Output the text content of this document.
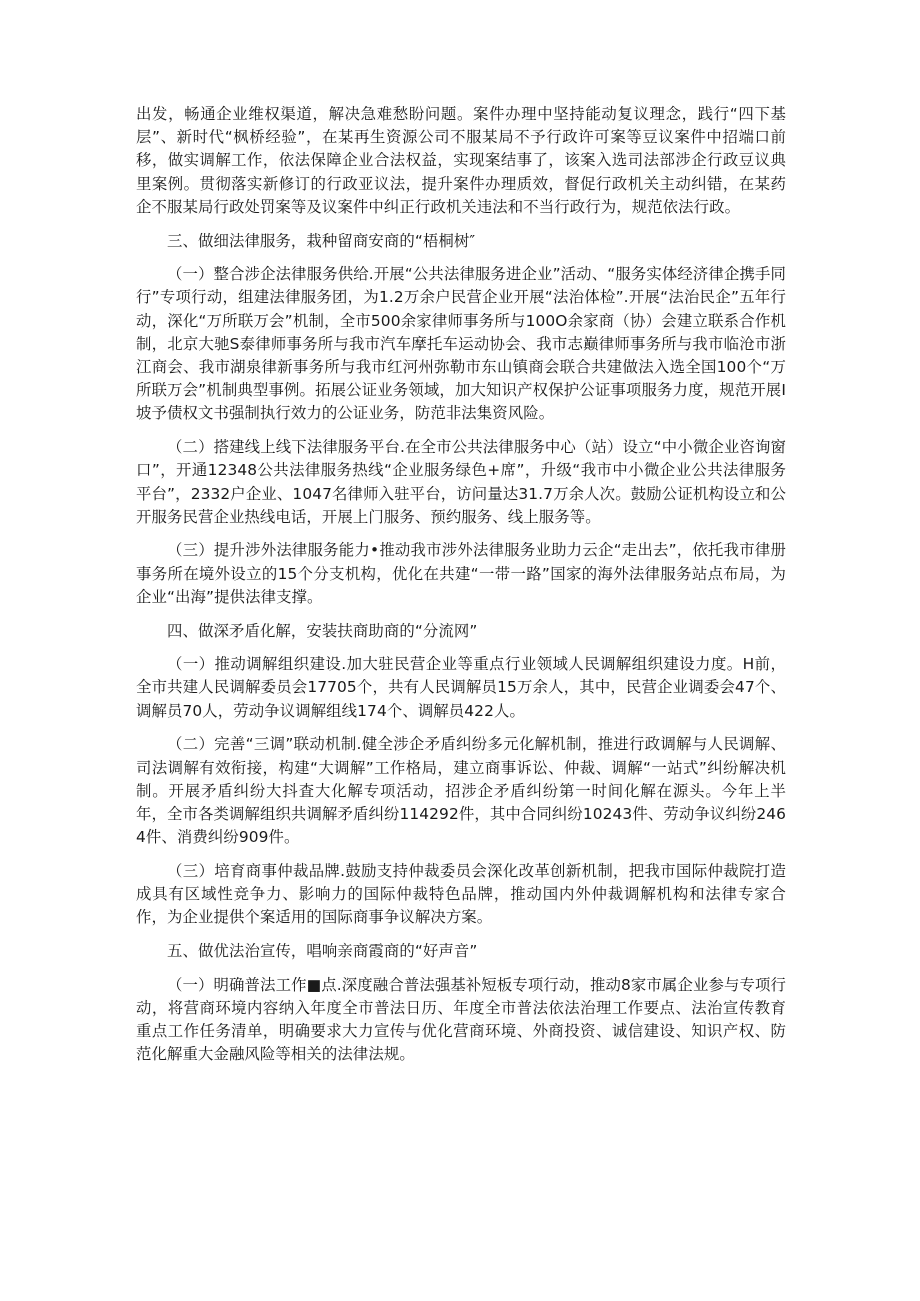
出发，畅通企业维权渠道，解决急难愁盼问题。案件办理中坚持能动复议理念，践行“四下基层”、新时代“枫桥经验”，在某再生资源公司不服某局不予行政许可案等豆议案件中招端口前移，做实调解工作，依法保障企业合法权益，实现案结事了，该案入选司法部涉企行政豆议典里案例。贯彻落实新修订的行政亚议法，提升案件办理质效，督促行政机关主动纠错，在某药企不服某局行政处罚案等及议案件中纠正行政机关违法和不当行政行为，规范依法行政。

三、做细法律服务，栽种留商安商的“梧桐树″

（一）整合涉企法律服务供给.开展“公共法律服务进企业”活动、“服务实体经济律企携手同行”专项行动，组建法律服务团，为1.2万余户民营企业开展“法治体检”.开展“法治民企”五年行动，深化“万所联万会”机制，全市500余家律师事务所与100O余家商（协）会建立联系合作机制，北京大驰S泰律师事务所与我市汽车摩托车运动协会、我市志巅律师事务所与我市临沧市浙江商会、我市湖泉律新事务所与我市红河州弥勒市东山镇商会联合共建做法入选全国100个“万所联万会”机制典型事例。拓展公证业务领域，加大知识产权保护公证事项服务力度，规范开展I坡予债权文书强制执行效力的公证业务，防范非法集资风险。

（二）搭建线上线下法律服务平台.在全市公共法律服务中心（站）设立“中小微企业咨询窗口”，开通12348公共法律服务热线“企业服务绿色+席”，升级“我市中小微企业公共法律服务平台”，2332户企业、1047名律师入驻平台，访问量达31.7万余人次。鼓励公证机构设立和公开服务民营企业热线电话，开展上门服务、预约服务、线上服务等。

（三）提升涉外法律服务能力•推动我市涉外法律服务业助力云企“走出去”，依托我市律册事务所在境外设立的15个分支机构，优化在共建“一带一路”国家的海外法律服务站点布局，为企业“出海”提供法律支撑。

四、做深矛盾化解，安装扶商助商的“分流网”

（一）推动调解组织建设.加大驻民营企业等重点行业领域人民调解组织建设力度。H前，全市共建人民调解委员会17705个，共有人民调解员15万余人，其中，民营企业调委会47个、调解员70人，劳动争议调解组线174个、调解员422人。

（二）完善“三调”联动机制.健全涉企矛盾纠纷多元化解机制，推进行政调解与人民调解、司法调解有效衔接，构建“大调解”工作格局，建立商事诉讼、仲裁、调解“一站式”纠纷解决机制。开展矛盾纠纷大抖査大化解专项活动，招涉企矛盾纠纷第一时间化解在源头。今年上半年，全市各类调解组织共调解矛盾纠纷114292件，其中合同纠纷10243件、劳动争议纠纷2464件、消费纠纷909件。

（三）培育商事仲裁品牌.鼓励支持仲裁委员会深化改革创新机制，把我市国际仲裁院打造成具有区域性竞争力、影响力的国际仲裁特色品牌，推动国内外仲裁调解机构和法律专家合作，为企业提供个案适用的国际商事争议解决方案。

五、做优法治宣传，唱响亲商霞商的“好声音”

（一）明确普法工作■点.深度融合普法强基补短板专项行动，推动8家市属企业参与专项行动，将营商环境内容纳入年度全市普法日历、年度全市普法依法治理工作要点、法治宣传教育重点工作任务清单，明确要求大力宣传与优化营商环境、外商投资、诚信建设、知识产权、防范化解重大金融风险等相关的法律法规。
